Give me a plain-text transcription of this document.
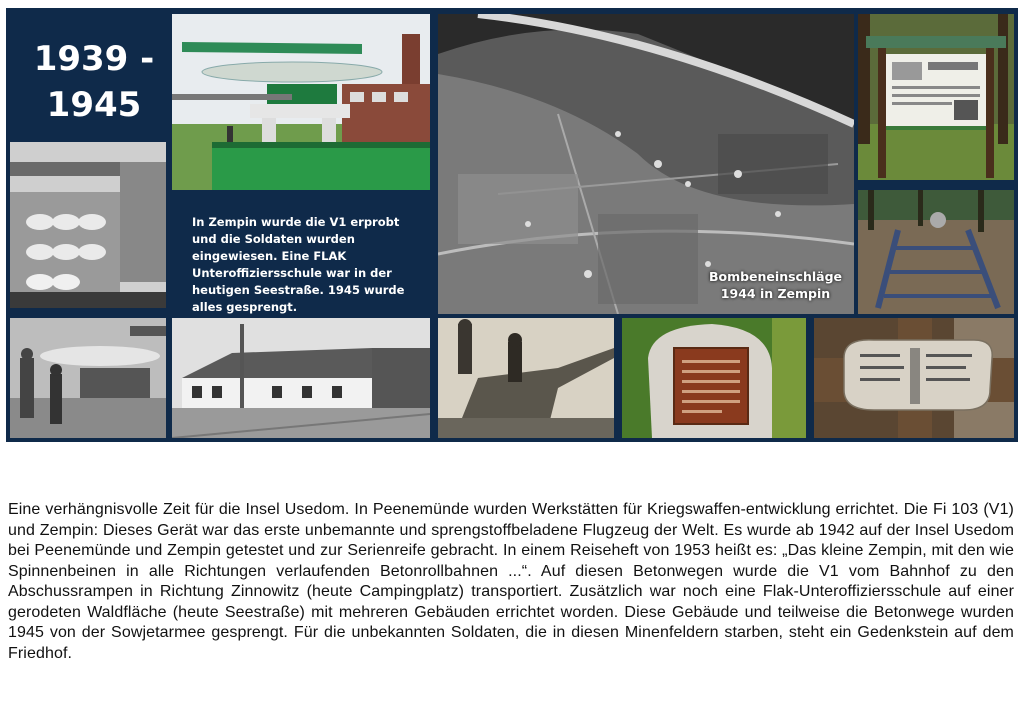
1939 -
1945
Bombeneinschläge
1944 in Zempin
In Zempin wurde die V1 erprobt und die Soldaten wurden eingewiesen. Eine FLAK Unteroffiziersschule war in der heutigen Seestraße. 1945 wurde alles gesprengt.
Eine verhängnisvolle Zeit für die Insel Usedom. In Peenemünde wurden Werkstätten für Kriegswaffen-entwicklung errichtet. Die Fi 103 (V1) und Zempin: Dieses Gerät war das erste unbemannte und sprengstoffbeladene Flugzeug der Welt. Es wurde ab 1942 auf der Insel Usedom bei Peenemünde und Zempin getestet und zur Serienreife gebracht. In einem Reiseheft von 1953 heißt es: „Das kleine Zempin, mit den wie Spinnenbeinen in alle Richtungen verlaufenden Betonrollbahnen ...“. Auf diesen Betonwegen wurde die V1 vom Bahnhof zu den Abschussrampen in Richtung Zinnowitz (heute Campingplatz) transportiert. Zusätzlich war noch eine Flak-Unteroffiziersschule auf einer gerodeten Waldfläche (heute Seestraße) mit mehreren Gebäuden errichtet worden. Diese Gebäude und teilweise die Betonwege wurden 1945 von der Sowjetarmee gesprengt. Für die unbekannten Soldaten, die in diesen Minenfeldern starben, steht ein Gedenkstein auf dem Friedhof.
